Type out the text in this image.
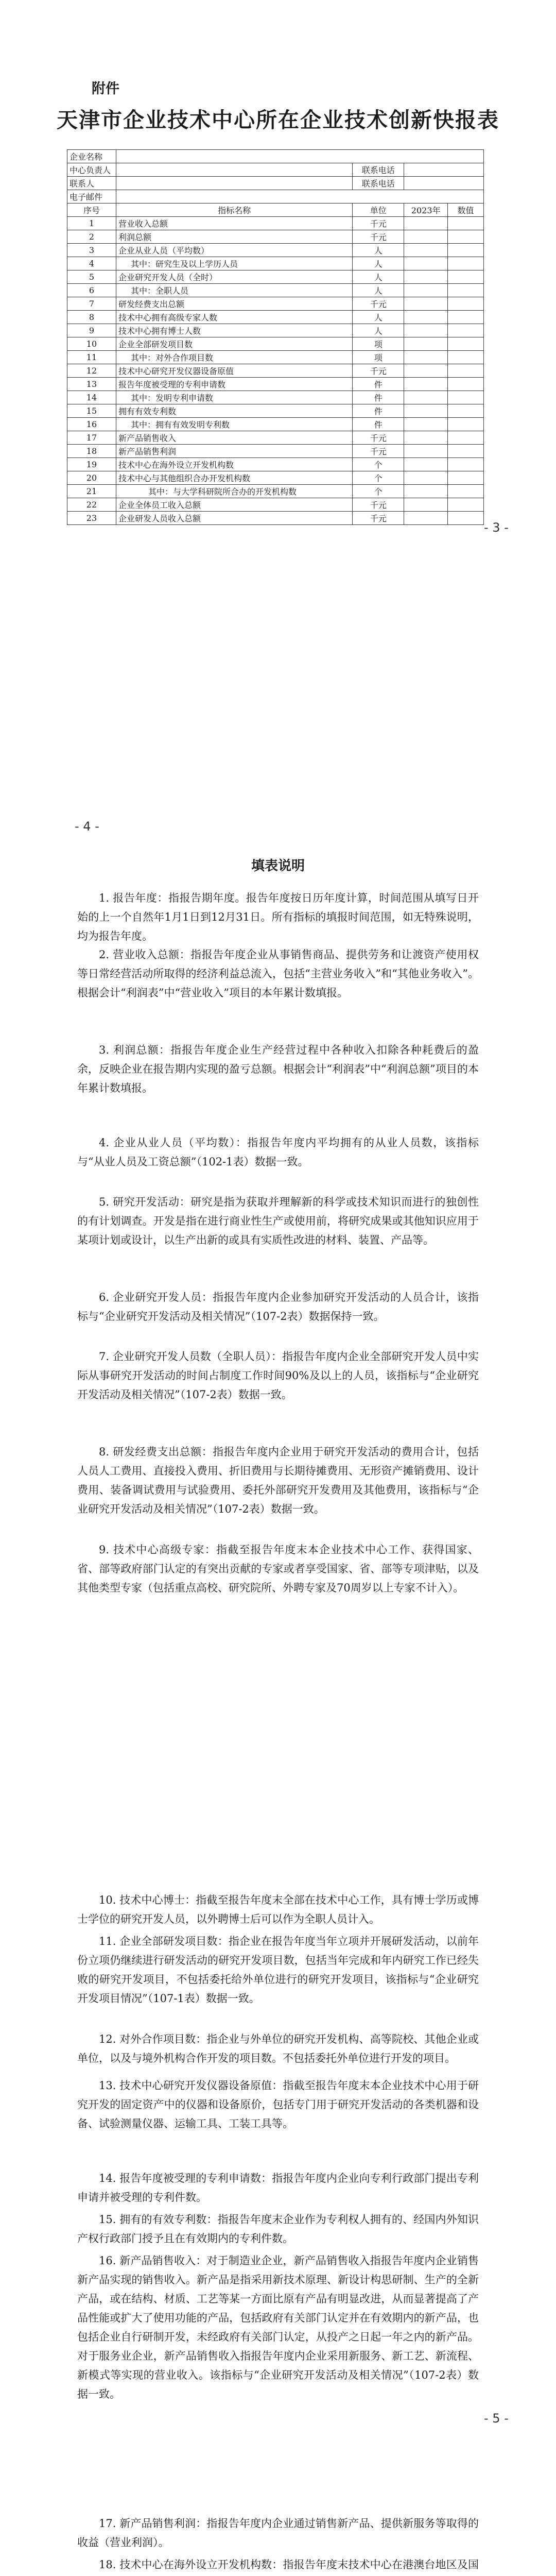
附件
天津市企业技术中心所在企业技术创新快报表
企业名称				
中心负责人		联系电话		
联系人		联系电话		
电子邮件				
序号	指标名称	单位	2023年	数值
1	营业收入总额	千元		
2	利润总额	千元		
3	企业从业人员（平均数）	人		
4	其中：研究生及以上学历人员	人		
5	企业研究开发人员（全时）	人		
6	其中：全职人员	人		
7	研发经费支出总额	千元		
8	技术中心拥有高级专家人数	人		
9	技术中心拥有博士人数	人		
10	企业全部研发项目数	项		
11	其中：对外合作项目数	项		
12	技术中心研究开发仪器设备原值	千元		
13	报告年度被受理的专利申请数	件		
14	其中：发明专利申请数	件		
15	拥有有效专利数	件		
16	其中：拥有有效发明专利数	件		
17	新产品销售收入	千元		
18	新产品销售利润	千元		
19	技术中心在海外设立开发机构数	个		
20	技术中心与其他组织合办开发机构数	个		
21	其中：与大学科研院所合办的开发机构数	个		
22	企业全体员工收入总额	千元		
23	企业研发人员收入总额	千元		
- 3 -
- 4 -
填表说明
1. 报告年度：指报告期年度。报告年度按日历年度计算，时间范围从填写日开始的上一个自然年1月1日到12月31日。所有指标的填报时间范围，如无特殊说明，均为报告年度。
2. 营业收入总额：指报告年度企业从事销售商品、提供劳务和让渡资产使用权等日常经营活动所取得的经济利益总流入，包括“主营业务收入”和“其他业务收入”。根据会计“利润表”中“营业收入”项目的本年累计数填报。
3. 利润总额：指报告年度企业生产经营过程中各种收入扣除各种耗费后的盈余，反映企业在报告期内实现的盈亏总额。根据会计“利润表”中“利润总额”项目的本年累计数填报。
4. 企业从业人员（平均数）：指报告年度内平均拥有的从业人员数，该指标与“从业人员及工资总额”（102-1表）数据一致。
5. 研究开发活动：研究是指为获取并理解新的科学或技术知识而进行的独创性的有计划调查。开发是指在进行商业性生产或使用前，将研究成果或其他知识应用于某项计划或设计，以生产出新的或具有实质性改进的材料、装置、产品等。
6. 企业研究开发人员：指报告年度内企业参加研究开发活动的人员合计，该指标与“企业研究开发活动及相关情况”（107-2表）数据保持一致。
7. 企业研究开发人员数（全职人员）：指报告年度内企业全部研究开发人员中实际从事研究开发活动的时间占制度工作时间90%及以上的人员，该指标与“企业研究开发活动及相关情况”（107-2表）数据一致。
8. 研发经费支出总额：指报告年度内企业用于研究开发活动的费用合计，包括人员人工费用、直接投入费用、折旧费用与长期待摊费用、无形资产摊销费用、设计费用、装备调试费用与试验费用、委托外部研究开发费用及其他费用，该指标与“企业研究开发活动及相关情况”（107-2表）数据一致。
9. 技术中心高级专家：指截至报告年度末本企业技术中心工作、获得国家、省、部等政府部门认定的有突出贡献的专家或者享受国家、省、部等专项津贴，以及其他类型专家（包括重点高校、研究院所、外聘专家及70周岁以上专家不计入）。
- 5 -
10. 技术中心博士：指截至报告年度末全部在技术中心工作，具有博士学历或博士学位的研究开发人员，以外聘博士后可以作为全职人员计入。
11. 企业全部研发项目数：指企业在报告年度当年立项并开展研发活动，以前年份立项仍继续进行研发活动的研究开发项目数，包括当年完成和年内研究工作已经失败的研究开发项目，不包括委托给外单位进行的研究开发项目，该指标与“企业研究开发项目情况”（107-1表）数据一致。
12. 对外合作项目数：指企业与外单位的研究开发机构、高等院校、其他企业或单位，以及与境外机构合作开发的项目数。不包括委托外单位进行开发的项目。
13. 技术中心研究开发仪器设备原值：指截至报告年度末本企业技术中心用于研究开发的固定资产中的仪器和设备原价，包括专门用于研究开发活动的各类机器和设备、试验测量仪器、运输工具、工装工具等。
14. 报告年度被受理的专利申请数：指报告年度内企业向专利行政部门提出专利申请并被受理的专利件数。
15. 拥有的有效专利数：指报告年度末企业作为专利权人拥有的、经国内外知识产权行政部门授予且在有效期内的专利件数。
16. 新产品销售收入：对于制造业企业，新产品销售收入指报告年度内企业销售新产品实现的销售收入。新产品是指采用新技术原理、新设计构思研制、生产的全新产品，或在结构、材质、工艺等某一方面比原有产品有明显改进，从而显著提高了产品性能或扩大了使用功能的产品，包括政府有关部门认定并在有效期内的新产品，也包括企业自行研制开发，未经政府有关部门认定，从投产之日起一年之内的新产品。对于服务业企业，新产品销售收入指报告年度内企业采用新服务、新工艺、新流程、新模式等实现的营业收入。该指标与“企业研究开发活动及相关情况”（107-2表）数据一致。
17. 新产品销售利润：指报告年度内企业通过销售新产品、提供新服务等取得的收益（营业利润）。
18. 技术中心在海外设立开发机构数：指报告年度末技术中心在港澳台地区及国
